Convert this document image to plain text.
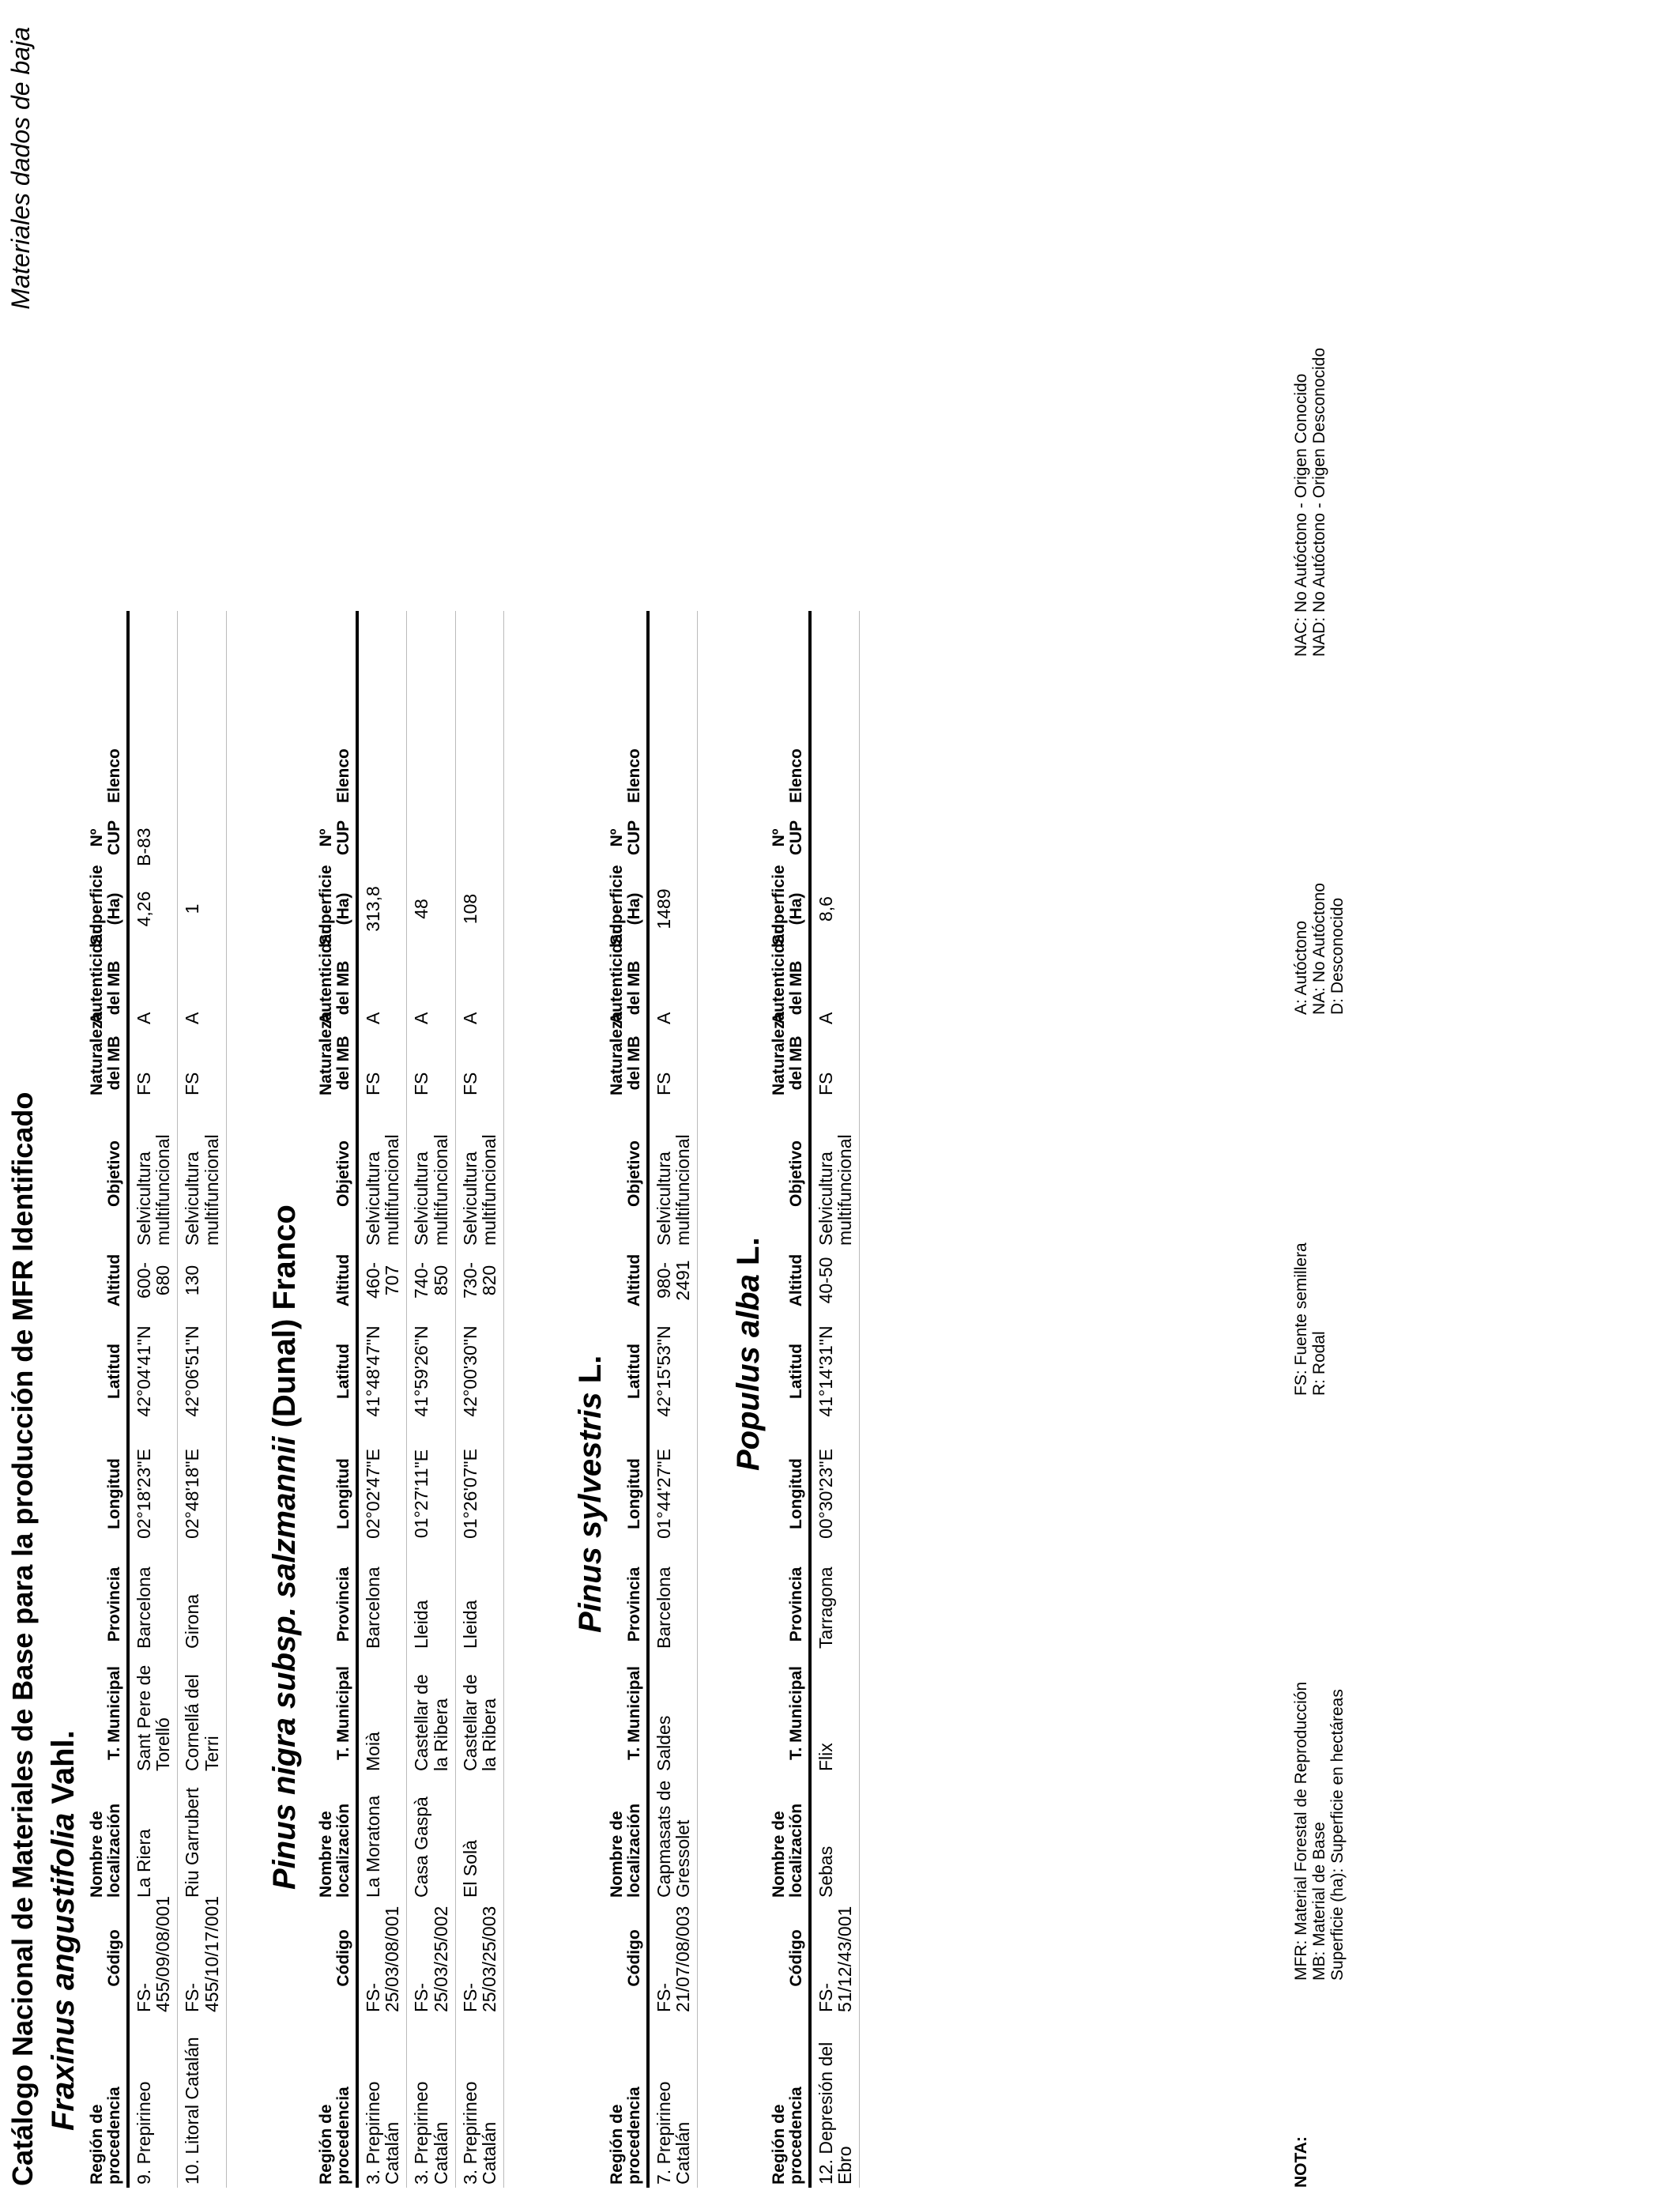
Catálogo Nacional de Materiales de Base para la producción de MFR Identificado
Materiales dados de baja
Fraxinus angustifolia Vahl.
Región de procedencia	Código	Nombre de localización	T. Municipal	Provincia	Longitud	Latitud	Altitud	Objetivo	Naturaleza del MB	Autenticidad del MB	Superficie (Ha)	Nº CUP	Elenco
9. Prepirineo	FS-455/09/08/001	La Riera	Sant Pere de Torelló	Barcelona	02°18'23"E	42°04'41"N	600-680	Selvicultura multifuncional	FS	A	4,26	B-83	
10. Litoral Catalán	FS-455/10/17/001	Riu Garrubert	Cornellá del Terri	Girona	02°48'18"E	42°06'51"N	130	Selvicultura multifuncional	FS	A	1		
Pinus nigra subsp. salzmannii (Dunal) Franco
Región de procedencia	Código	Nombre de localización	T. Municipal	Provincia	Longitud	Latitud	Altitud	Objetivo	Naturaleza del MB	Autenticidad del MB	Superficie (Ha)	Nº CUP	Elenco
3. Prepirineo Catalán	FS-25/03/08/001	La Moratona	Moià	Barcelona	02°02'47"E	41°48'47"N	460-707	Selvicultura multifuncional	FS	A	313,8		
3. Prepirineo Catalán	FS-25/03/25/002	Casa Gaspà	Castellar de la Ribera	Lleida	01°27'11"E	41°59'26"N	740-850	Selvicultura multifuncional	FS	A	48		
3. Prepirineo Catalán	FS-25/03/25/003	El Solà	Castellar de la Ribera	Lleida	01°26'07"E	42°00'30"N	730-820	Selvicultura multifuncional	FS	A	108		
Pinus sylvestris L.
Región de procedencia	Código	Nombre de localización	T. Municipal	Provincia	Longitud	Latitud	Altitud	Objetivo	Naturaleza del MB	Autenticidad del MB	Superficie (Ha)	Nº CUP	Elenco
7. Prepirineo Catalán	FS-21/07/08/003	Capmasats de Gressolet	Saldes	Barcelona	01°44'27"E	42°15'53"N	980-2491	Selvicultura multifuncional	FS	A	1489		
Populus alba L.
Región de procedencia	Código	Nombre de localización	T. Municipal	Provincia	Longitud	Latitud	Altitud	Objetivo	Naturaleza del MB	Autenticidad del MB	Superficie (Ha)	Nº CUP	Elenco
12. Depresión del Ebro	FS-51/12/43/001	Sebas	Flix	Tarragona	00°30'23"E	41°14'31"N	40-50	Selvicultura multifuncional	FS	A	8,6		
NOTA:
MFR: Material Forestal de Reproducción MB: Material de Base Superficie (ha): Superficie en hectáreas
FS: Fuente semillera R: Rodal
A: Autóctono NA: No Autóctono D: Desconocido
NAC: No Autóctono - Origen Conocido NAD: No Autóctono - Origen Desconocido
